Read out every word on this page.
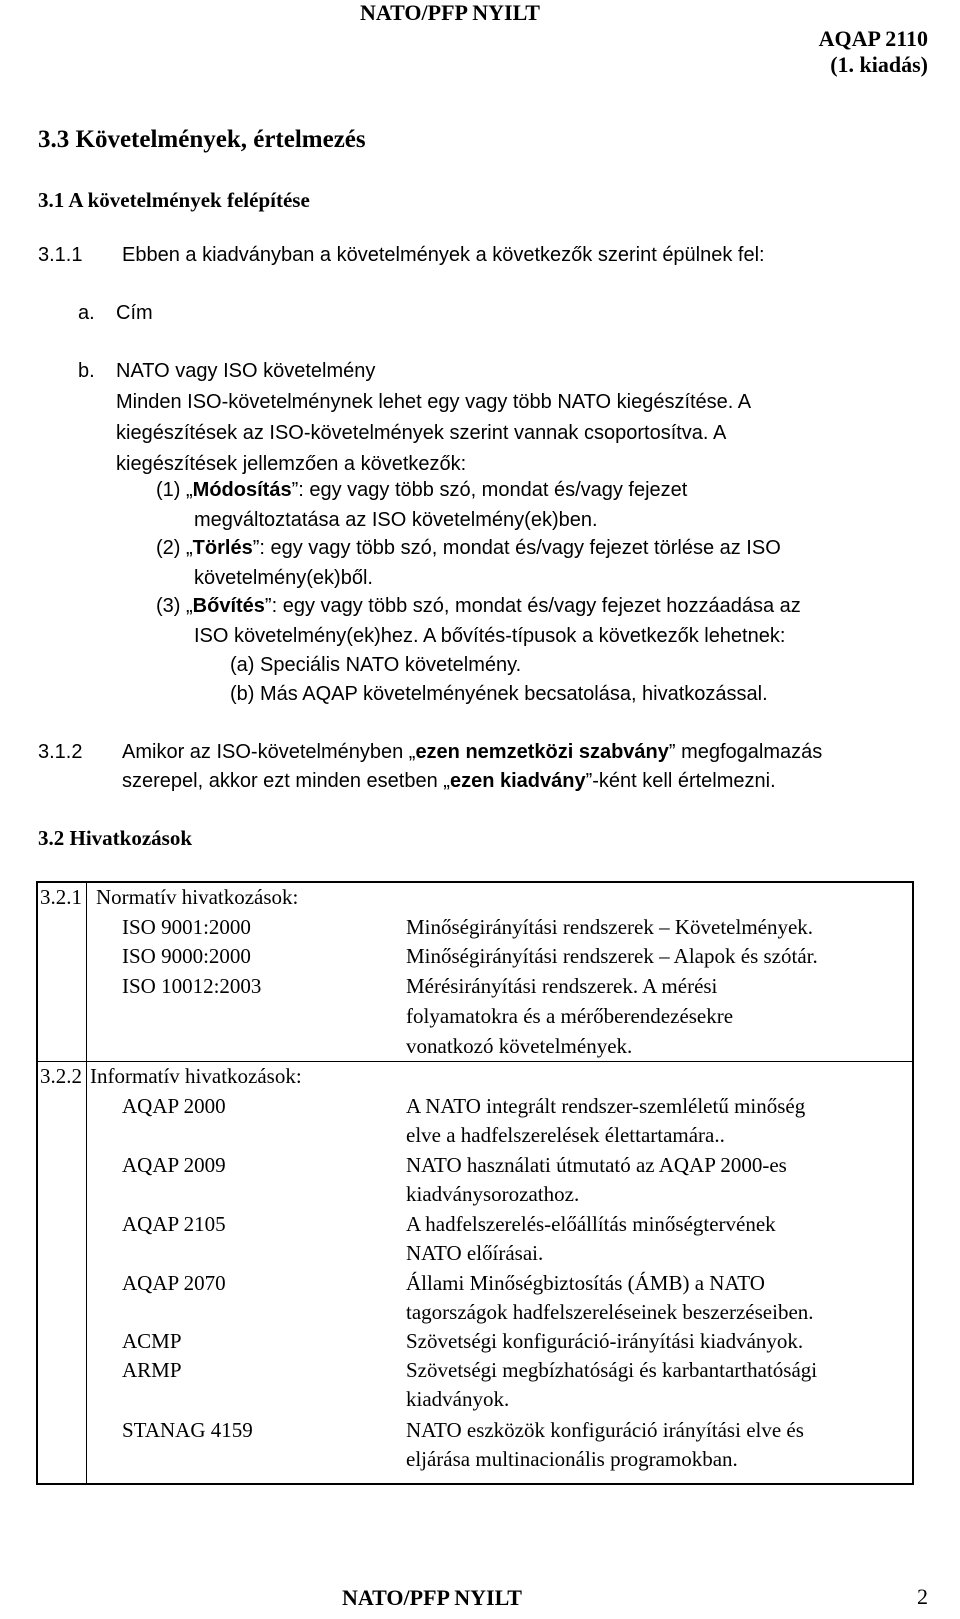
NATO/PFP NYILT
AQAP 2110
(1. kiadás)
3.3 Követelmények, értelmezés
3.1 A követelmények felépítése
3.1.1 Ebben a kiadványban a követelmények a következők szerint épülnek fel:
a. Cím
b. NATO vagy ISO követelmény
Minden ISO-követelménynek lehet egy vagy több NATO kiegészítése. A
kiegészítések az ISO-követelmények szerint vannak csoportosítva. A
kiegészítések jellemzően a következők:
(1) „Módosítás”: egy vagy több szó, mondat és/vagy fejezet
megváltoztatása az ISO követelmény(ek)ben.
(2) „Törlés”: egy vagy több szó, mondat és/vagy fejezet törlése az ISO
követelmény(ek)ből.
(3) „Bővítés”: egy vagy több szó, mondat és/vagy fejezet hozzáadása az
ISO követelmény(ek)hez. A bővítés-típusok a következők lehetnek:
(a) Speciális NATO követelmény.
(b) Más AQAP követelményének becsatolása, hivatkozással.
3.1.2 Amikor az ISO-követelményben „ezen nemzetközi szabvány” megfogalmazás
szerepel, akkor ezt minden esetben „ezen kiadvány”-ként kell értelmezni.
3.2 Hivatkozások
3.2.1 Normatív hivatkozások:
ISO 9001:2000	Minőségirányítási rendszerek – Követelmények.
ISO 9000:2000	Minőségirányítási rendszerek – Alapok és szótár.
ISO 10012:2003	Mérésirányítási rendszerek. A mérési
folyamatokra és a mérőberendezésekre
vonatkozó követelmények.
3.2.2 Informatív hivatkozások:
AQAP 2000	A NATO integrált rendszer-szemléletű minőség
elve a hadfelszerelések élettartamára..
AQAP 2009	NATO használati útmutató az AQAP 2000-es
kiadványsorozathoz.
AQAP 2105	A hadfelszerelés-előállítás minőségtervének
NATO előírásai.
AQAP 2070	Állami Minőségbiztosítás (ÁMB) a NATO
tagországok hadfelszereléseinek beszerzéseiben.
ACMP	Szövetségi konfiguráció-irányítási kiadványok.
ARMP	Szövetségi megbízhatósági és karbantarthatósági
kiadványok.
STANAG 4159	NATO eszközök konfiguráció irányítási elve és
eljárása multinacionális programokban.
NATO/PFP NYILT	2
